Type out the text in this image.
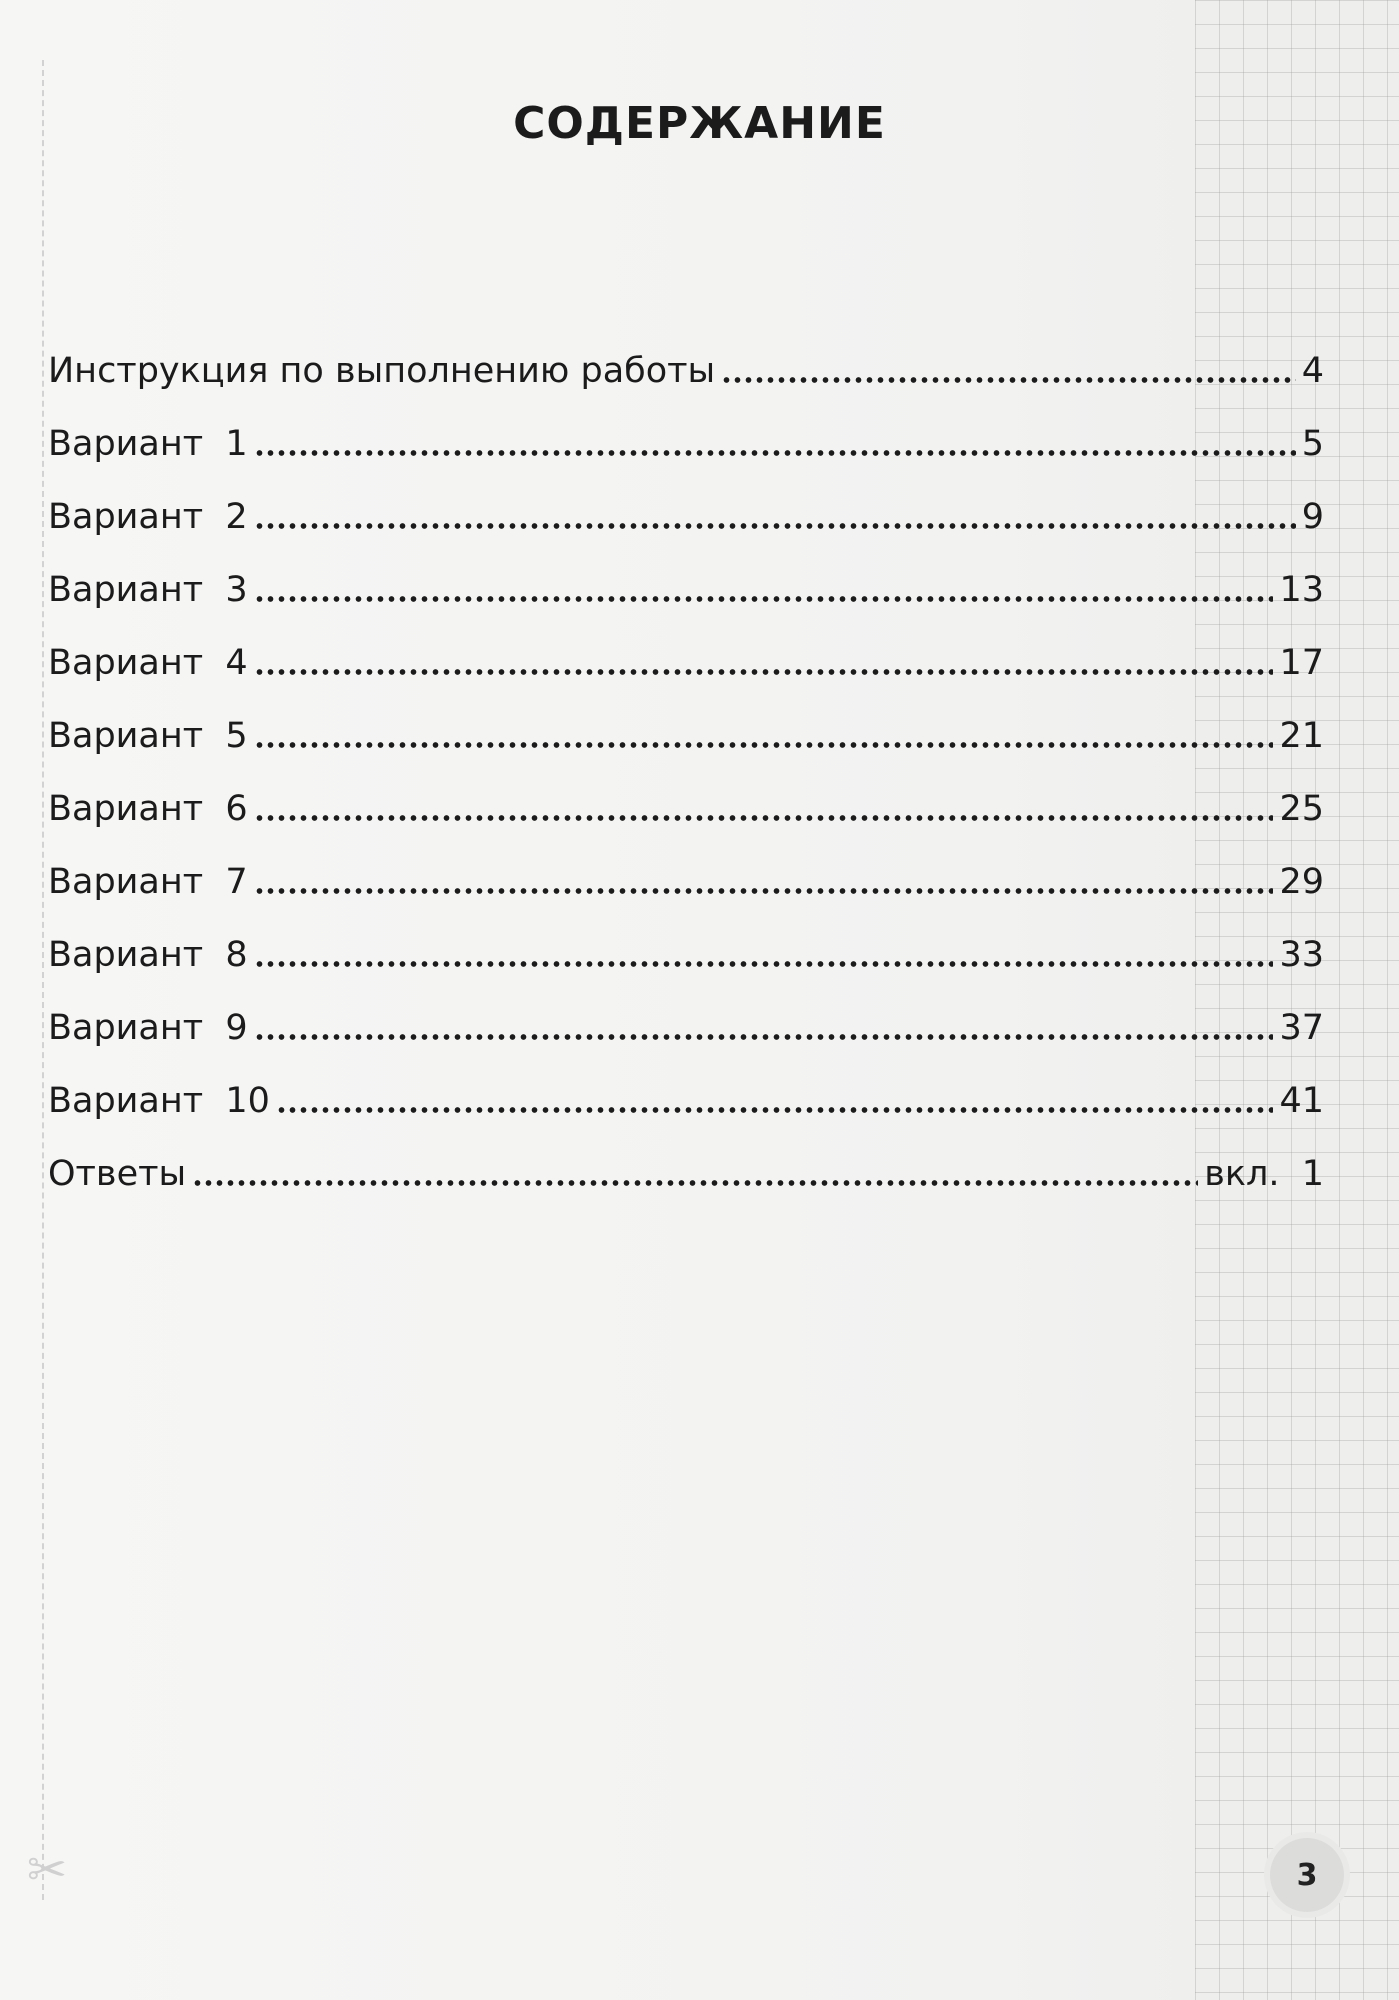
✂
СОДЕРЖАНИЕ
Инструкция по выполнению работы	4
Вариант  1	5
Вариант  2	9
Вариант  3	13
Вариант  4	17
Вариант  5	21
Вариант  6	25
Вариант  7	29
Вариант  8	33
Вариант  9	37
Вариант  10	41
Ответы	вкл.  1
3
